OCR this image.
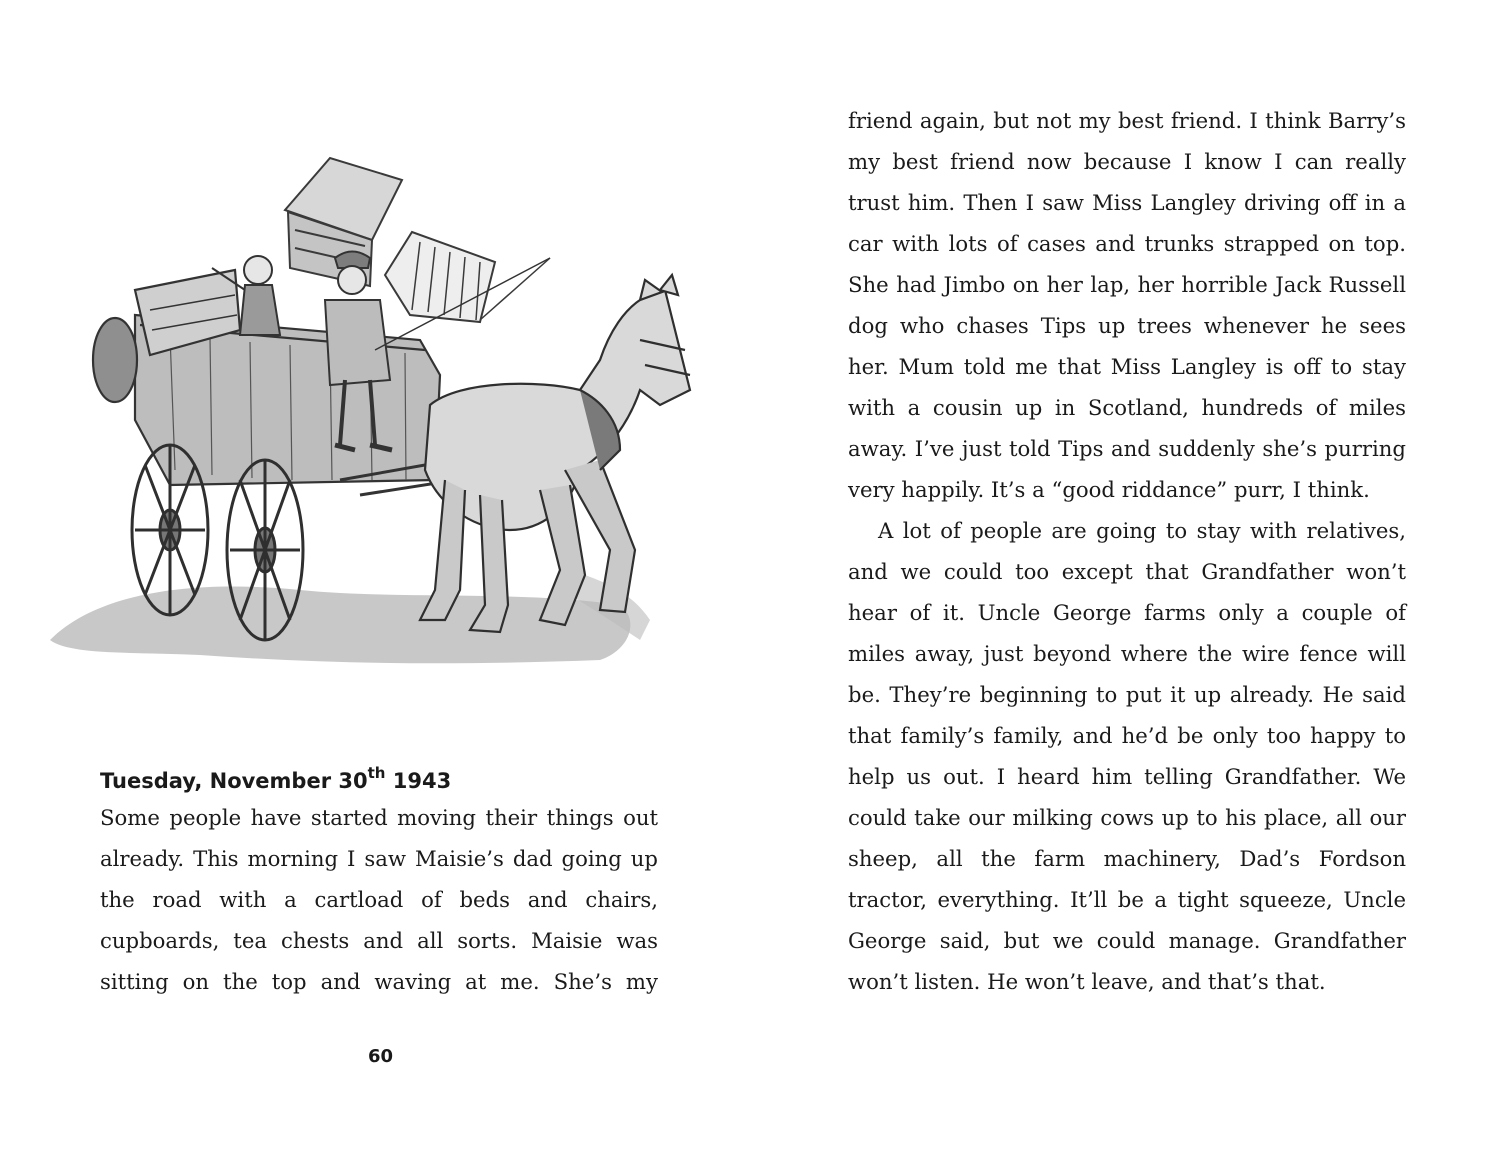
Tuesday, November 30th 1943

Some people have started moving their things out
already. This morning I saw Maisie’s dad going up
the road with a cartload of beds and chairs,
cupboards, tea chests and all sorts. Maisie was
sitting on the top and waving at me. She’s my

60

friend again, but not my best friend. I think Barry’s
my best friend now because I know I can really
trust him. Then I saw Miss Langley driving off in a
car with lots of cases and trunks strapped on top.
She had Jimbo on her lap, her horrible Jack Russell
dog who chases Tips up trees whenever he sees
her. Mum told me that Miss Langley is off to stay
with a cousin up in Scotland, hundreds of miles
away. I’ve just told Tips and suddenly she’s purring
very happily. It’s a “good riddance” purr, I think.
A lot of people are going to stay with relatives,
and we could too except that Grandfather won’t
hear of it. Uncle George farms only a couple of
miles away, just beyond where the wire fence will
be. They’re beginning to put it up already. He said
that family’s family, and he’d be only too happy to
help us out. I heard him telling Grandfather. We
could take our milking cows up to his place, all our
sheep, all the farm machinery, Dad’s Fordson
tractor, everything. It’ll be a tight squeeze, Uncle
George said, but we could manage. Grandfather
won’t listen. He won’t leave, and that’s that.
